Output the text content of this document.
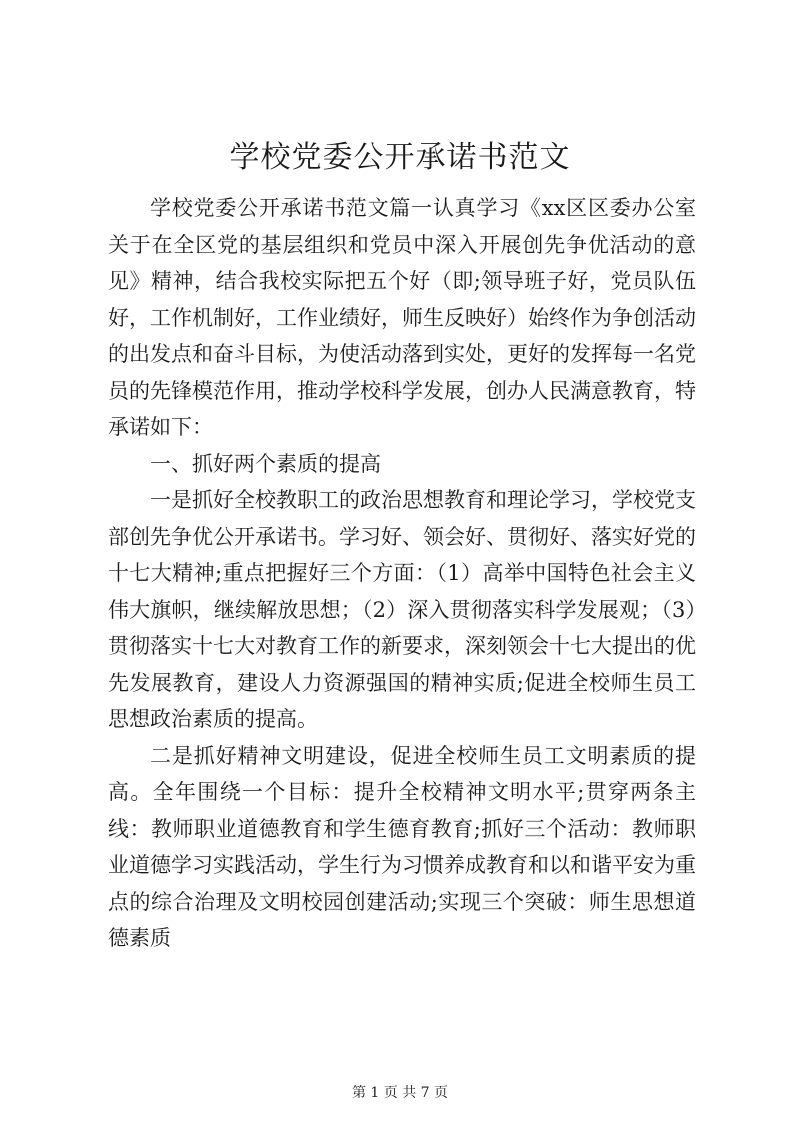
学校党委公开承诺书范文

学校党委公开承诺书范文篇一认真学习《xx区区委办公室关于在全区党的基层组织和党员中深入开展创先争优活动的意见》精神，结合我校实际把五个好（即;领导班子好，党员队伍好，工作机制好，工作业绩好，师生反映好）始终作为争创活动的出发点和奋斗目标，为使活动落到实处，更好的发挥每一名党员的先锋模范作用，推动学校科学发展，创办人民满意教育，特承诺如下：

一、抓好两个素质的提高

一是抓好全校教职工的政治思想教育和理论学习，学校党支部创先争优公开承诺书。学习好、领会好、贯彻好、落实好党的十七大精神;重点把握好三个方面：（1）高举中国特色社会主义伟大旗帜，继续解放思想；（2）深入贯彻落实科学发展观；（3）贯彻落实十七大对教育工作的新要求，深刻领会十七大提出的优先发展教育，建设人力资源强国的精神实质;促进全校师生员工思想政治素质的提高。

二是抓好精神文明建设，促进全校师生员工文明素质的提高。全年围绕一个目标：提升全校精神文明水平;贯穿两条主线：教师职业道德教育和学生德育教育;抓好三个活动：教师职业道德学习实践活动，学生行为习惯养成教育和以和谐平安为重点的综合治理及文明校园创建活动;实现三个突破：师生思想道德素质

第 1 页 共 7 页
